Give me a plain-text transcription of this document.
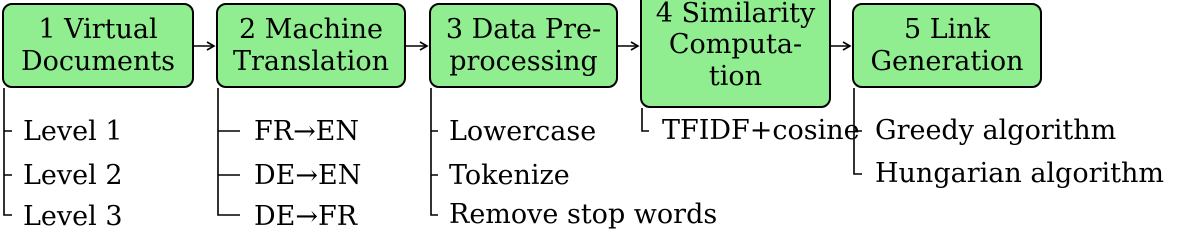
1 Virtual
Documents
2 Machine
Translation
3 Data Pre-
processing
4 Similarity
Computa-
tion
5 Link
Generation
Level 1
Level 2
Level 3
FR→EN
DE→EN
DE→FR
Lowercase
Tokenize
Remove stop words
TFIDF+cosine Greedy algorithm
Hungarian algorithm
